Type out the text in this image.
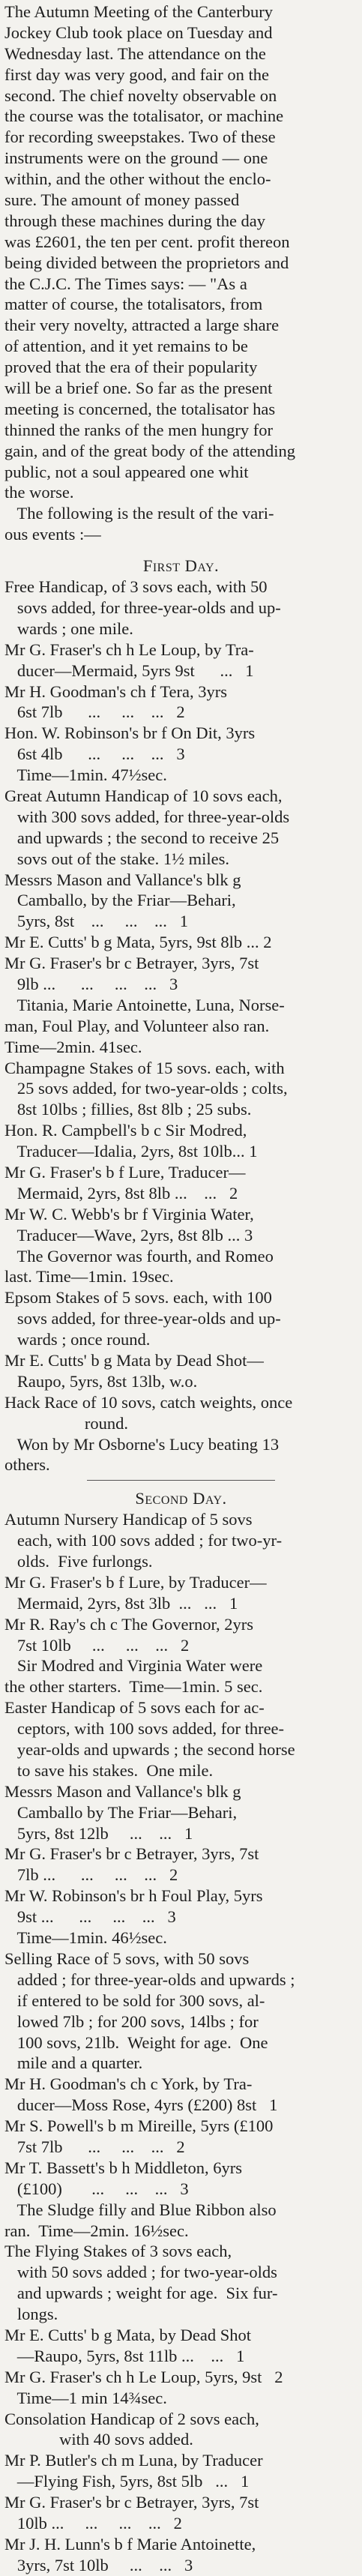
The Autumn Meeting of the Canterbury
Jockey Club took place on Tuesday and
Wednesday last. The attendance on the
first day was very good, and fair on the
second. The chief novelty observable on
the course was the totalisator, or machine
for recording sweepstakes. Two of these
instruments were on the ground — one
within, and the other without the enclo-
sure. The amount of money passed
through these machines during the day
was £2601, the ten per cent. profit thereon
being divided between the proprietors and
the C.J.C. The Times says: — "As a
matter of course, the totalisators, from
their very novelty, attracted a large share
of attention, and it yet remains to be
proved that the era of their popularity
will be a brief one. So far as the present
meeting is concerned, the totalisator has
thinned the ranks of the men hungry for
gain, and of the great body of the attending
public, not a soul appeared one whit
the worse.
The following is the result of the vari-
ous events :—
First Day.
Free Handicap, of 3 sovs each, with 50
sovs added, for three-year-olds and up-
wards ; one mile.
Mr G. Fraser's ch h Le Loup, by Tra-
ducer—Mermaid, 5yrs 9st      ...   1
Mr H. Goodman's ch f Tera, 3yrs
6st 7lb      ...     ...    ...   2
Hon. W. Robinson's br f On Dit, 3yrs
6st 4lb      ...     ...    ...   3
Time—1min. 47½sec.
Great Autumn Handicap of 10 sovs each,
with 300 sovs added, for three-year-olds
and upwards ; the second to receive 25
sovs out of the stake. 1½ miles.
Messrs Mason and Vallance's blk g
Camballo, by the Friar—Behari,
5yrs, 8st    ...     ...    ...   1
Mr E. Cutts' b g Mata, 5yrs, 9st 8lb ... 2
Mr G. Fraser's br c Betrayer, 3yrs, 7st
9lb ...      ...     ...    ...   3
Titania, Marie Antoinette, Luna, Norse-
man, Foul Play, and Volunteer also ran.
Time—2min. 41sec.
Champagne Stakes of 15 sovs. each, with
25 sovs added, for two-year-olds ; colts,
8st 10lbs ; fillies, 8st 8lb ; 25 subs.
Hon. R. Campbell's b c Sir Modred,
Traducer—Idalia, 2yrs, 8st 10lb... 1
Mr G. Fraser's b f Lure, Traducer—
Mermaid, 2yrs, 8st 8lb ...    ...   2
Mr W. C. Webb's br f Virginia Water,
Traducer—Wave, 2yrs, 8st 8lb ... 3
The Governor was fourth, and Romeo
last. Time—1min. 19sec.
Epsom Stakes of 5 sovs. each, with 100
sovs added, for three-year-olds and up-
wards ; once round.
Mr E. Cutts' b g Mata by Dead Shot—
Raupo, 5yrs, 8st 13lb, w.o.
Hack Race of 10 sovs, catch weights, once
round.
Won by Mr Osborne's Lucy beating 13
others.
Second Day.
Autumn Nursery Handicap of 5 sovs
each, with 100 sovs added ; for two-yr-
olds.  Five furlongs.
Mr G. Fraser's b f Lure, by Traducer—
Mermaid, 2yrs, 8st 3lb  ...   ...   1
Mr R. Ray's ch c The Governor, 2yrs
7st 10lb     ...     ...    ...   2
Sir Modred and Virginia Water were
the other starters.  Time—1min. 5 sec.
Easter Handicap of 5 sovs each for ac-
ceptors, with 100 sovs added, for three-
year-olds and upwards ; the second horse
to save his stakes.  One mile.
Messrs Mason and Vallance's blk g
Camballo by The Friar—Behari,
5yrs, 8st 12lb     ...    ...   1
Mr G. Fraser's br c Betrayer, 3yrs, 7st
7lb ...      ...     ...    ...   2
Mr W. Robinson's br h Foul Play, 5yrs
9st ...      ...     ...    ...   3
Time—1min. 46½sec.
Selling Race of 5 sovs, with 50 sovs
added ; for three-year-olds and upwards ;
if entered to be sold for 300 sovs, al-
lowed 7lb ; for 200 sovs, 14lbs ; for
100 sovs, 21lb.  Weight for age.  One
mile and a quarter.
Mr H. Goodman's ch c York, by Tra-
ducer—Moss Rose, 4yrs (£200) 8st   1
Mr S. Powell's b m Mireille, 5yrs (£100
7st 7lb      ...     ...    ...   2
Mr T. Bassett's b h Middleton, 6yrs
(£100)       ...     ...    ...   3
The Sludge filly and Blue Ribbon also
ran.  Time—2min. 16½sec.
The Flying Stakes of 3 sovs each,
with 50 sovs added ; for two-year-olds
and upwards ; weight for age.  Six fur-
longs.
Mr E. Cutts' b g Mata, by Dead Shot
—Raupo, 5yrs, 8st 11lb ...    ...   1
Mr G. Fraser's ch h Le Loup, 5yrs, 9st   2
Time—1 min 14¾sec.
Consolation Handicap of 2 sovs each,
with 40 sovs added.
Mr P. Butler's ch m Luna, by Traducer
—Flying Fish, 5yrs, 8st 5lb   ...   1
Mr G. Fraser's br c Betrayer, 3yrs, 7st
10lb ...     ...     ...    ...   2
Mr J. H. Lunn's b f Marie Antoinette,
3yrs, 7st 10lb     ...    ...   3
